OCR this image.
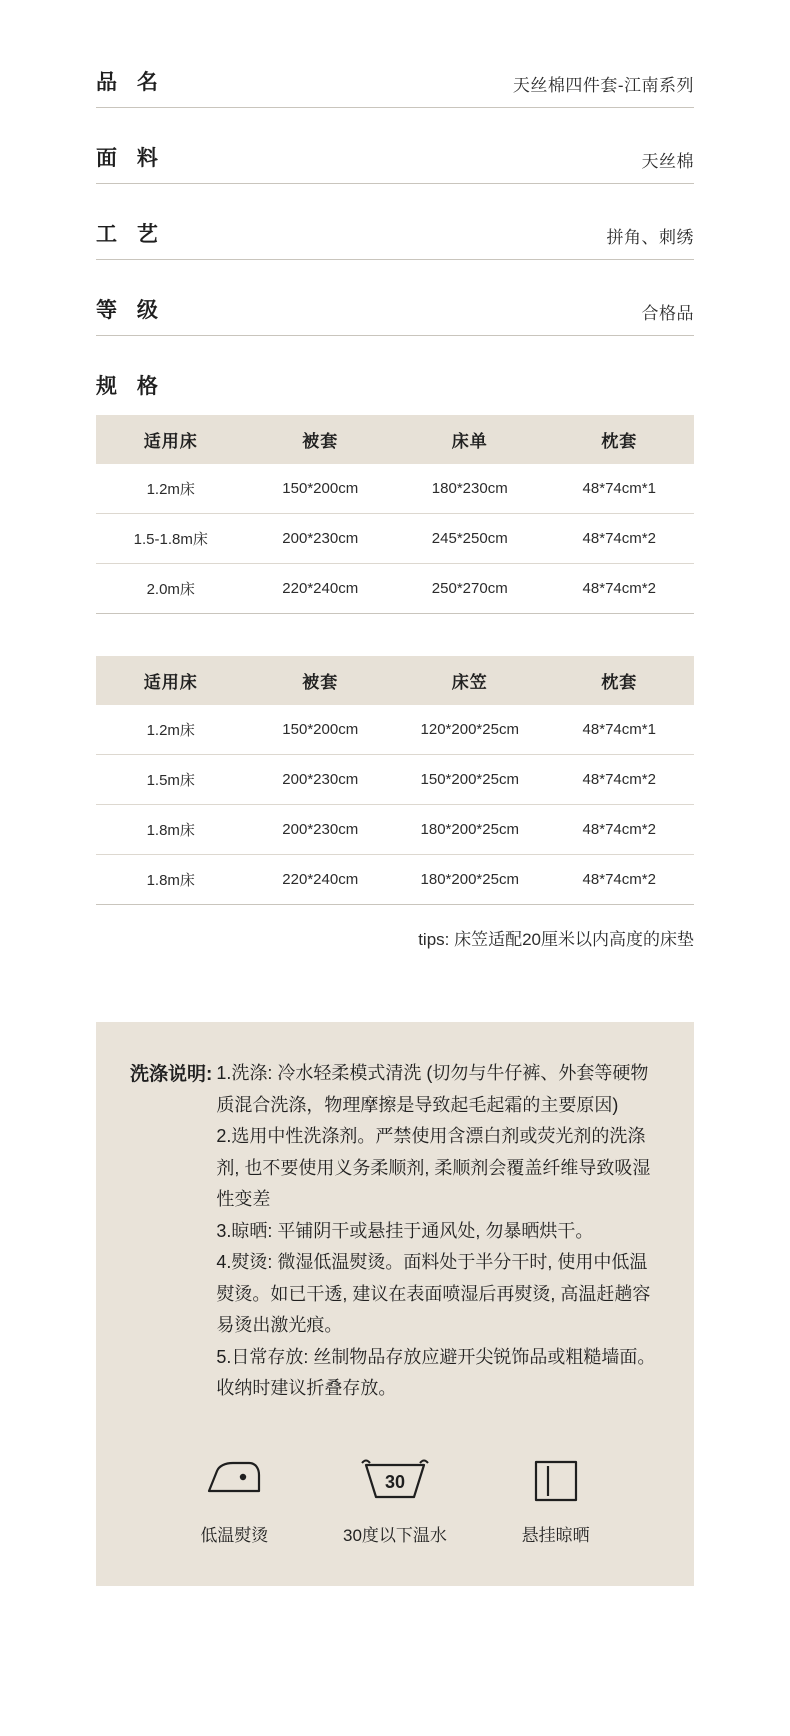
品 名	天丝棉四件套-江南系列
面 料	天丝棉
工 艺	拼角、刺绣
等 级	合格品
规 格
适用床	被套	床单	枕套
1.2m床	150*200cm	180*230cm	48*74cm*1
1.5-1.8m床	200*230cm	245*250cm	48*74cm*2
2.0m床	220*240cm	250*270cm	48*74cm*2
适用床	被套	床笠	枕套
1.2m床	150*200cm	120*200*25cm	48*74cm*1
1.5m床	200*230cm	150*200*25cm	48*74cm*2
1.8m床	200*230cm	180*200*25cm	48*74cm*2
1.8m床	220*240cm	180*200*25cm	48*74cm*2
tips: 床笠适配20厘米以内高度的床垫
洗涤说明: 1.洗涤: 冷水轻柔模式清洗 (切勿与牛仔裤、外套等硬物质混合洗涤，物理摩擦是导致起毛起霜的主要原因)

2.选用中性洗涤剂。严禁使用含漂白剂或荧光剂的洗涤剂, 也不要使用义务柔顺剂, 柔顺剂会覆盖纤维导致吸湿性变差

3.晾晒: 平铺阴干或悬挂于通风处, 勿暴晒烘干。

4.熨烫: 微湿低温熨烫。面料处于半分干时, 使用中低温熨烫。如已干透, 建议在表面喷湿后再熨烫, 高温赶趟容易烫出激光痕。

5.日常存放: 丝制物品存放应避开尖锐饰品或粗糙墙面。收纳时建议折叠存放。

低温熨烫
30
30度以下温水	悬挂晾晒
